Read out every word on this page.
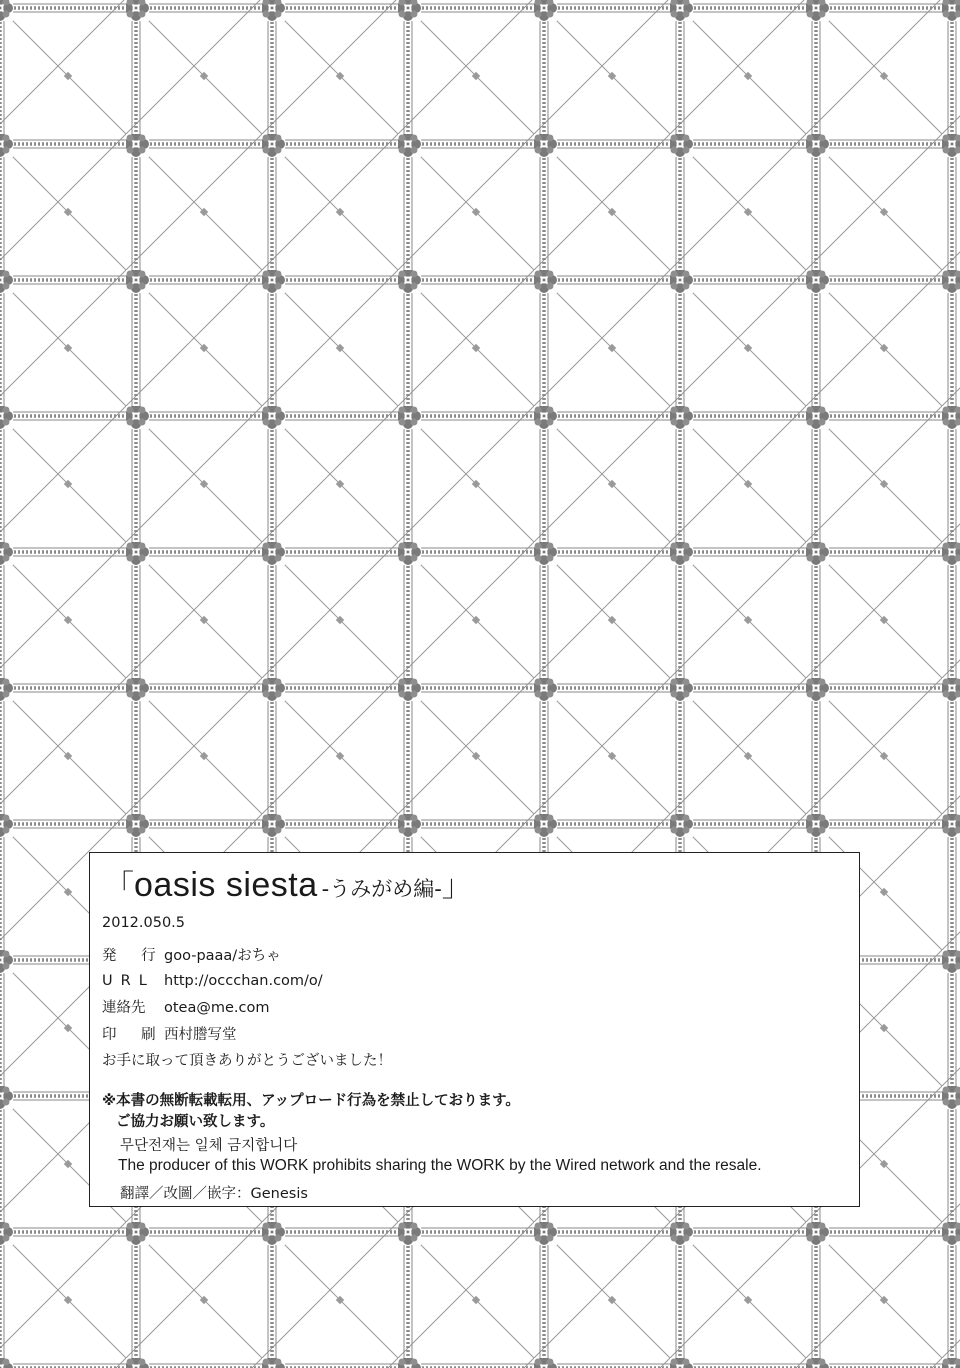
「oasis siesta -うみがめ編-」
2012.050.5
発 行goo-paaa/おちゃ
URL http://occchan.com/o/
連絡先 otea@me.com
印 刷西村謄写堂
お手に取って頂きありがとうございました！
※本書の無断転載転用、アップロード行為を禁止しております。
ご協力お願い致します。
무단전재는 일체 금지합니다
The producer of this WORK prohibits sharing the WORK by the Wired network and the resale.
翻譯／改圖／嵌字：Genesis
